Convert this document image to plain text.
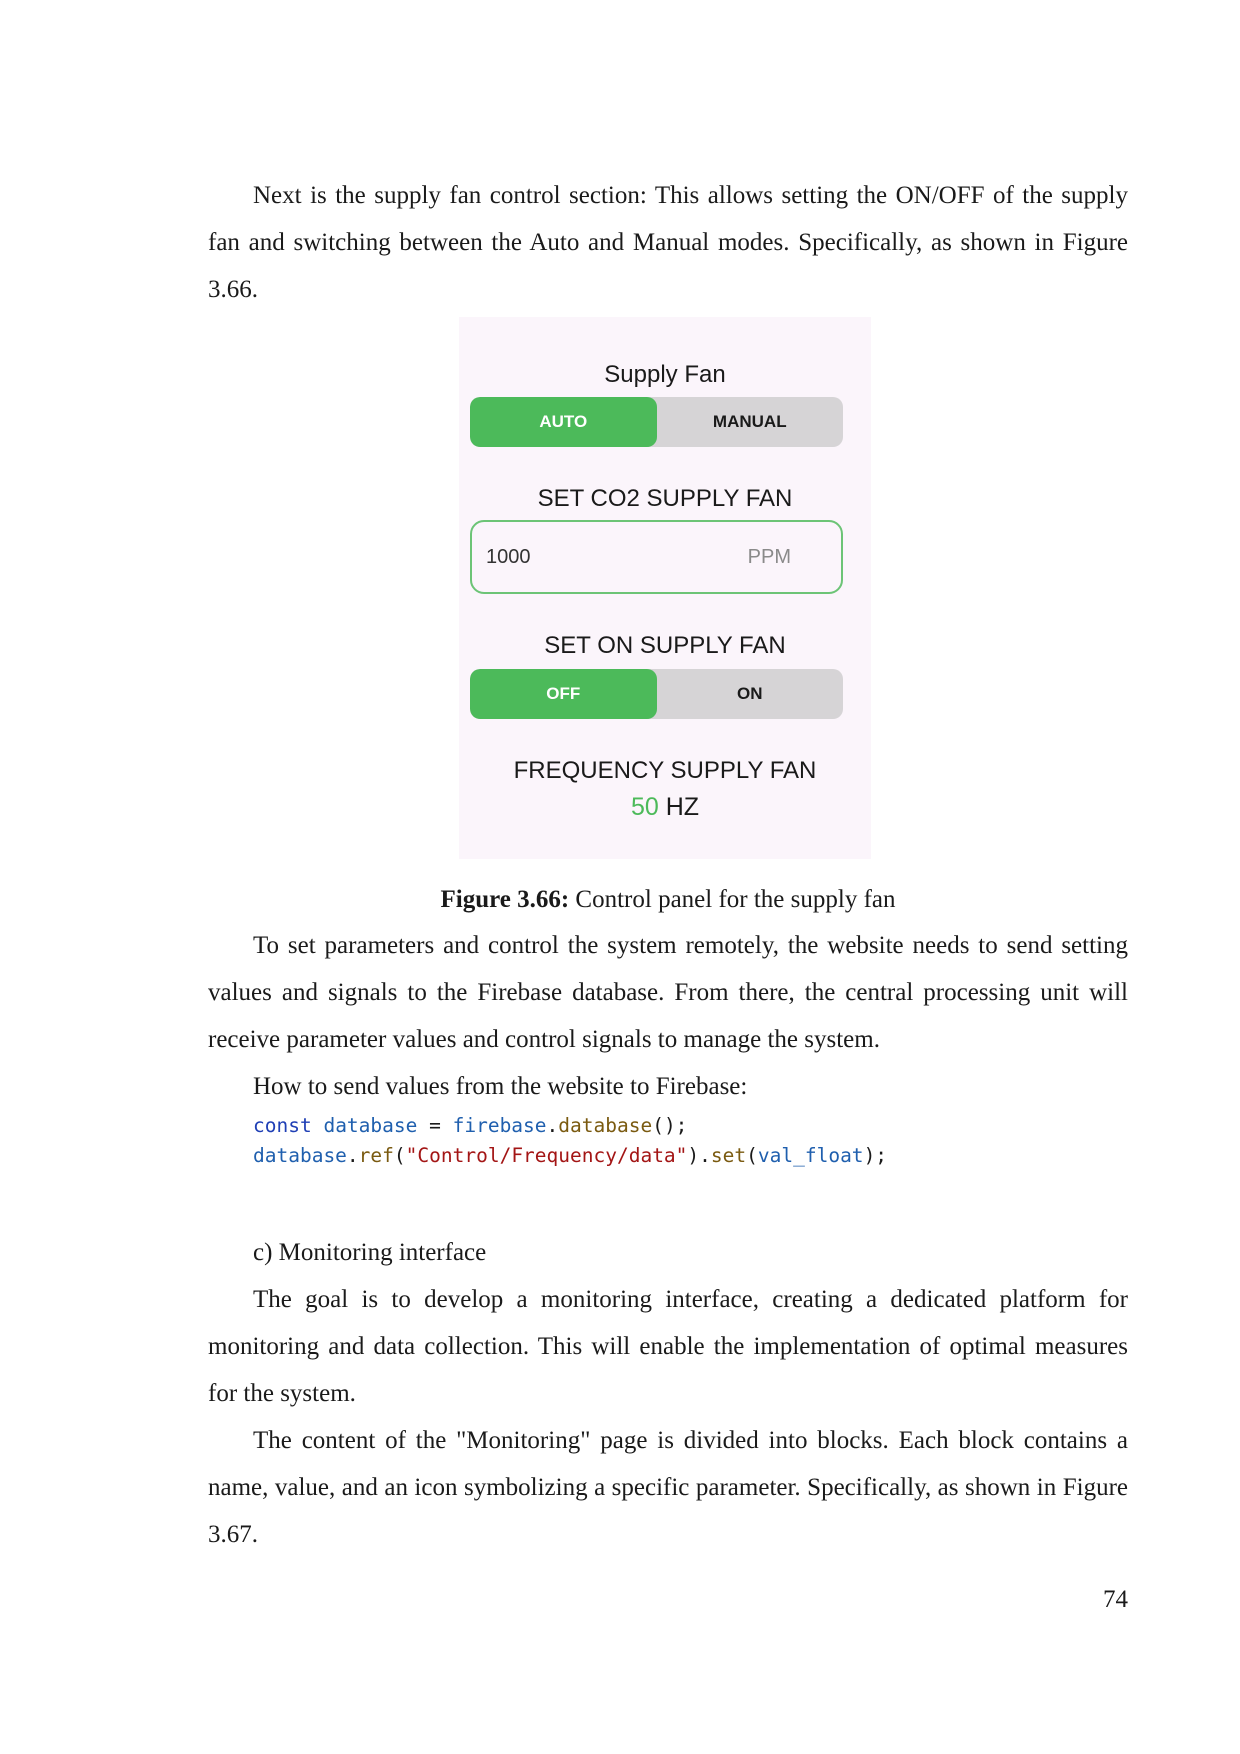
Next is the supply fan control section: This allows setting the ON/OFF of the supply fan and switching between the Auto and Manual modes. Specifically, as shown in Figure 3.66.

Supply Fan
AUTO	MANUAL
SET CO2 SUPPLY FAN
1000	PPM
SET ON SUPPLY FAN
OFF	ON
FREQUENCY SUPPLY FAN
50 HZ
Figure 3.66: Control panel for the supply fan

To set parameters and control the system remotely, the website needs to send setting values and signals to the Firebase database. From there, the central processing unit will receive parameter values and control signals to manage the system.
How to send values from the website to Firebase:

const database = firebase.database();
database.ref("Control/Frequency/data").set(val_float);
c) Monitoring interface

The goal is to develop a monitoring interface, creating a dedicated platform for monitoring and data collection. This will enable the implementation of optimal measures for the system.

The content of the "Monitoring" page is divided into blocks. Each block contains a name, value, and an icon symbolizing a specific parameter. Specifically, as shown in Figure 3.67.

74
